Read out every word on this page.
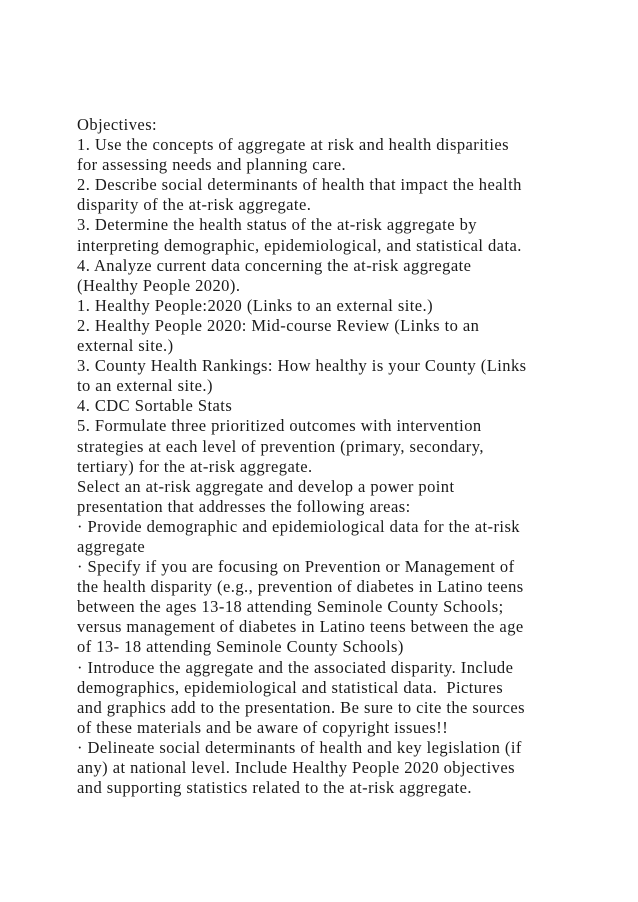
Objectives:
1. Use the concepts of aggregate at risk and health disparities
for assessing needs and planning care.
2. Describe social determinants of health that impact the health
disparity of the at-risk aggregate.
3. Determine the health status of the at-risk aggregate by
interpreting demographic, epidemiological, and statistical data.
4. Analyze current data concerning the at-risk aggregate
(Healthy People 2020).
1. Healthy People:2020 (Links to an external site.)
2. Healthy People 2020: Mid-course Review (Links to an
external site.)
3. County Health Rankings: How healthy is your County (Links
to an external site.)
4. CDC Sortable Stats
5. Formulate three prioritized outcomes with intervention
strategies at each level of prevention (primary, secondary,
tertiary) for the at-risk aggregate.
Select an at-risk aggregate and develop a power point
presentation that addresses the following areas:
· Provide demographic and epidemiological data for the at-risk
aggregate
· Specify if you are focusing on Prevention or Management of
the health disparity (e.g., prevention of diabetes in Latino teens
between the ages 13-18 attending Seminole County Schools;
versus management of diabetes in Latino teens between the age
of 13- 18 attending Seminole County Schools)
· Introduce the aggregate and the associated disparity. Include
demographics, epidemiological and statistical data.  Pictures
and graphics add to the presentation. Be sure to cite the sources
of these materials and be aware of copyright issues!!
· Delineate social determinants of health and key legislation (if
any) at national level. Include Healthy People 2020 objectives
and supporting statistics related to the at-risk aggregate.
